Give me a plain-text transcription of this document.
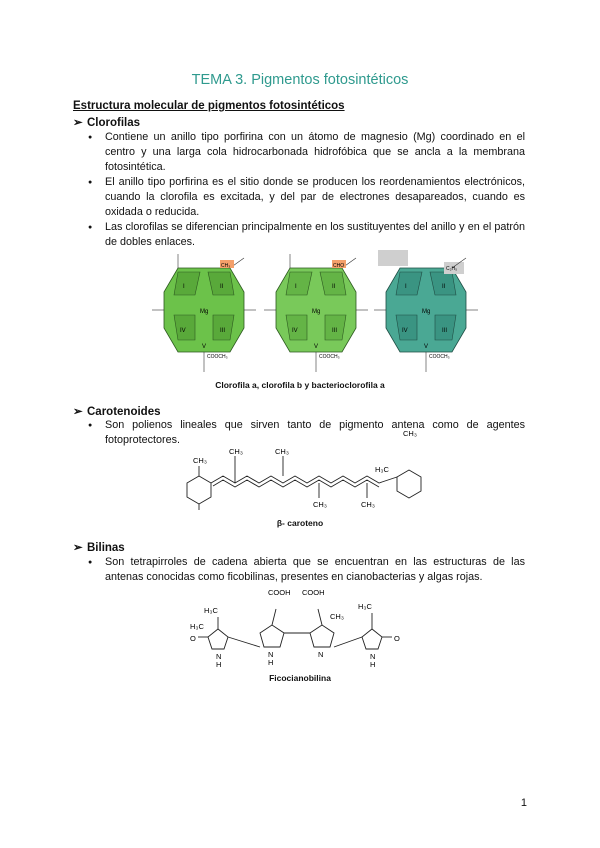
TEMA 3. Pigmentos fotosintéticos
Estructura molecular de pigmentos fotosintéticos
➢ Clorofilas
● Contiene un anillo tipo porfirina con un átomo de magnesio (Mg) coordinado en el centro y una larga cola hidrocarbonada hidrofóbica que se ancla a la membrana fotosintética.
● El anillo tipo porfirina es el sitio donde se producen los reordenamientos electrónicos, cuando la clorofila es excitada, y del par de electrones desapareados, cuando es oxidada o reducida.
● Las clorofilas se diferencian principalmente en los sustituyentes del anillo y en el patrón de dobles enlaces.
CH₃
Mg
I	II
III
IV
V
COOCH₃
CHO
Mg
I	II
III
IV
V
COOCH₃
C₂H₅
Mg
I	II
III
IV
V
COOCH₃
Clorofila a, clorofila b y bacterioclorofila a
➢ Carotenoides
● Son polienos lineales que sirven tanto de pigmento antena como de agentes fotoprotectores.
CH₃
CH₃	CH₃
CH₃	CH₃
H₃C
CH₃
β- caroteno
➢ Bilinas
● Son tetrapirroles de cadena abierta que se encuentran en las estructuras de las antenas conocidas como ficobilinas, presentes en cianobacterias y algas rojas.
COOH COOH
H₃C
H₃C
CH₃
H₃C
O	O
N	N	N	N
H	H	H
Ficocianobilina
1
